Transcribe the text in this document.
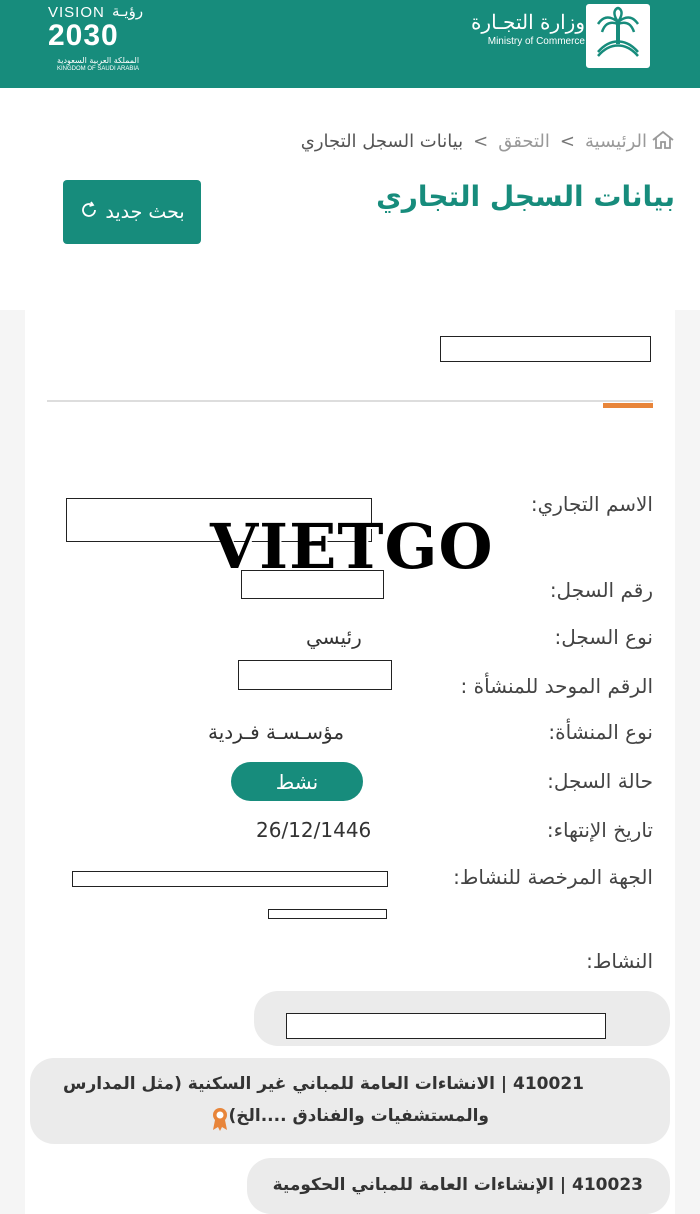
VISION رؤيـة
2030
المملكة العربية السعودية
KINGDOM OF SAUDI ARABIA
وزارة التجـارة
Ministry of Commerce
الرئيسية>التحقق>بيانات السجل التجاري
بيانات السجل التجاري
بحث جديد
الاسم التجاري:
رقم السجل:
نوع السجل:
رئيسي
الرقم الموحد للمنشأة :
نوع المنشأة:
مؤسـسـة فـردية
حالة السجل:
نشط
تاريخ الإنتهاء:
26/12/1446
الجهة المرخصة للنشاط:
النشاط:
410021 | الانشاءات العامة للمباني غير السكنية (مثل المدارس
والمستشفيات والفنادق ....الخ)
410023 | الإنشاءات العامة للمباني الحكومية
VIETGO
